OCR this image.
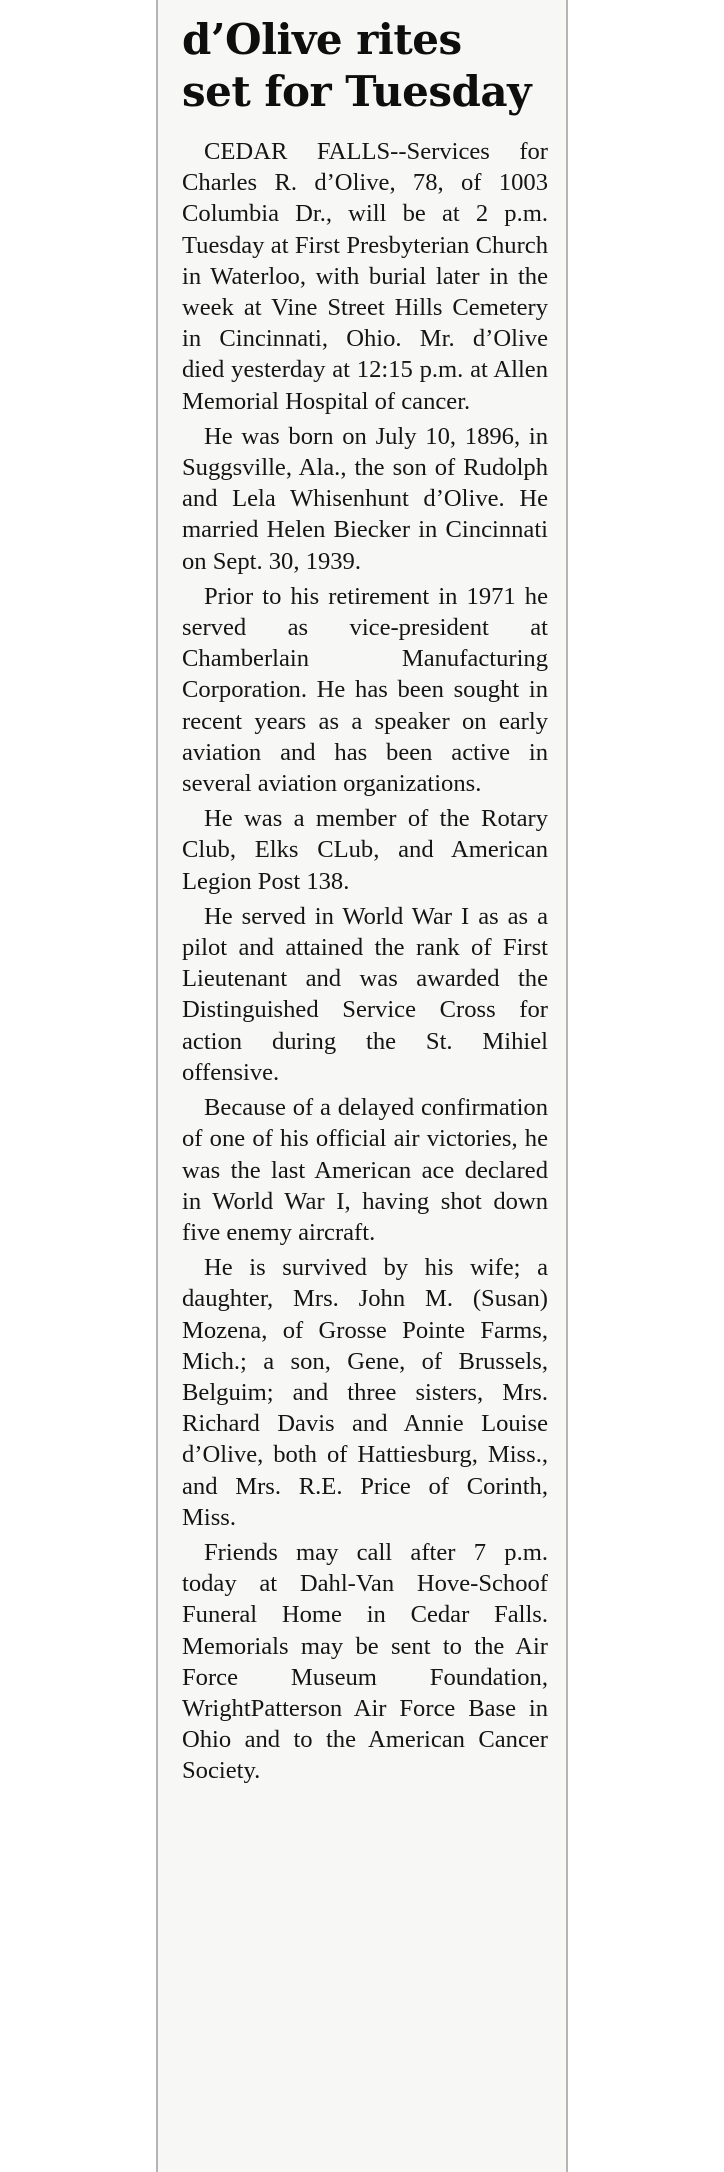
d’Olive rites
set for Tuesday

CEDAR FALLS--Services for Charles R. d’Olive, 78, of 1003 Columbia Dr., will be at 2 p.m. Tuesday at First Presbyterian Church in Waterloo, with burial later in the week at Vine Street Hills Cemetery in Cincinnati, Ohio. Mr. d’Olive died yesterday at 12:15 p.m. at Allen Memorial Hospital of cancer.

He was born on July 10, 1896, in Suggsville, Ala., the son of Rudolph and Lela Whisenhunt d’Olive. He married Helen Biecker in Cincinnati on Sept. 30, 1939.

Prior to his retirement in 1971 he served as vice-president at Chamberlain Manufacturing Corporation. He has been sought in recent years as a speaker on early aviation and has been active in several aviation organizations.

He was a member of the Rotary Club, Elks CLub, and American Legion Post 138.

He served in World War I as as a pilot and attained the rank of First Lieutenant and was awarded the Distinguished Service Cross for action during the St. Mihiel offensive.

Because of a delayed confirmation of one of his official air victories, he was the last American ace declared in World War I, having shot down five enemy aircraft.

He is survived by his wife; a daughter, Mrs. John M. (Susan) Mozena, of Grosse Pointe Farms, Mich.; a son, Gene, of Brussels, Belguim; and three sisters, Mrs. Richard Davis and Annie Louise d’Olive, both of Hattiesburg, Miss., and Mrs. R.E. Price of Corinth, Miss.

Friends may call after 7 p.m. today at Dahl-Van Hove-Schoof Funeral Home in Cedar Falls. Memorials may be sent to the Air Force Museum Foundation, WrightPatterson Air Force Base in Ohio and to the American Cancer Society.
